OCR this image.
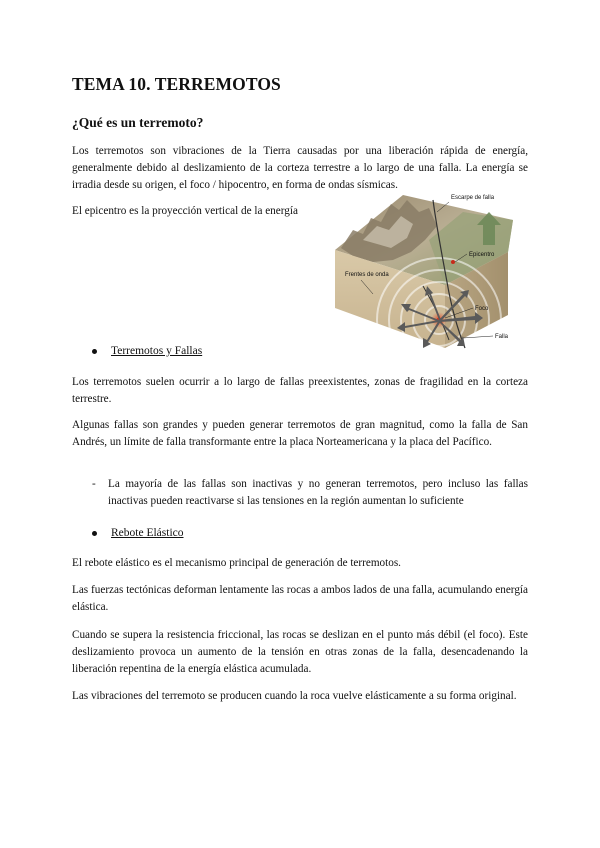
TEMA 10. TERREMOTOS
¿Qué es un terremoto?

Los terremotos son vibraciones de la Tierra causadas por una liberación rápida de energía, generalmente debido al deslizamiento de la corteza terrestre a lo largo de una falla. La energía se irradia desde su origen, el foco / hipocentro, en forma de ondas sísmicas.

El epicentro es la proyección vertical de la energía

Escarpe de falla
Epicentro
Frentes de onda
Foco
Falla
Terremotos y Fallas

Los terremotos suelen ocurrir a lo largo de fallas preexistentes, zonas de fragilidad en la corteza terrestre.

Algunas fallas son grandes y pueden generar terremotos de gran magnitud, como la falla de San Andrés, un límite de falla transformante entre la placa Norteamericana y la placa del Pacífico.

-	La mayoría de las fallas son inactivas y no generan terremotos, pero incluso las fallas inactivas pueden reactivarse si las tensiones en la región aumentan lo suficiente
Rebote Elástico

El rebote elástico es el mecanismo principal de generación de terremotos.

Las fuerzas tectónicas deforman lentamente las rocas a ambos lados de una falla, acumulando energía elástica.

Cuando se supera la resistencia friccional, las rocas se deslizan en el punto más débil (el foco). Este deslizamiento provoca un aumento de la tensión en otras zonas de la falla, desencadenando la liberación repentina de la energía elástica acumulada.

Las vibraciones del terremoto se producen cuando la roca vuelve elásticamente a su forma original.
